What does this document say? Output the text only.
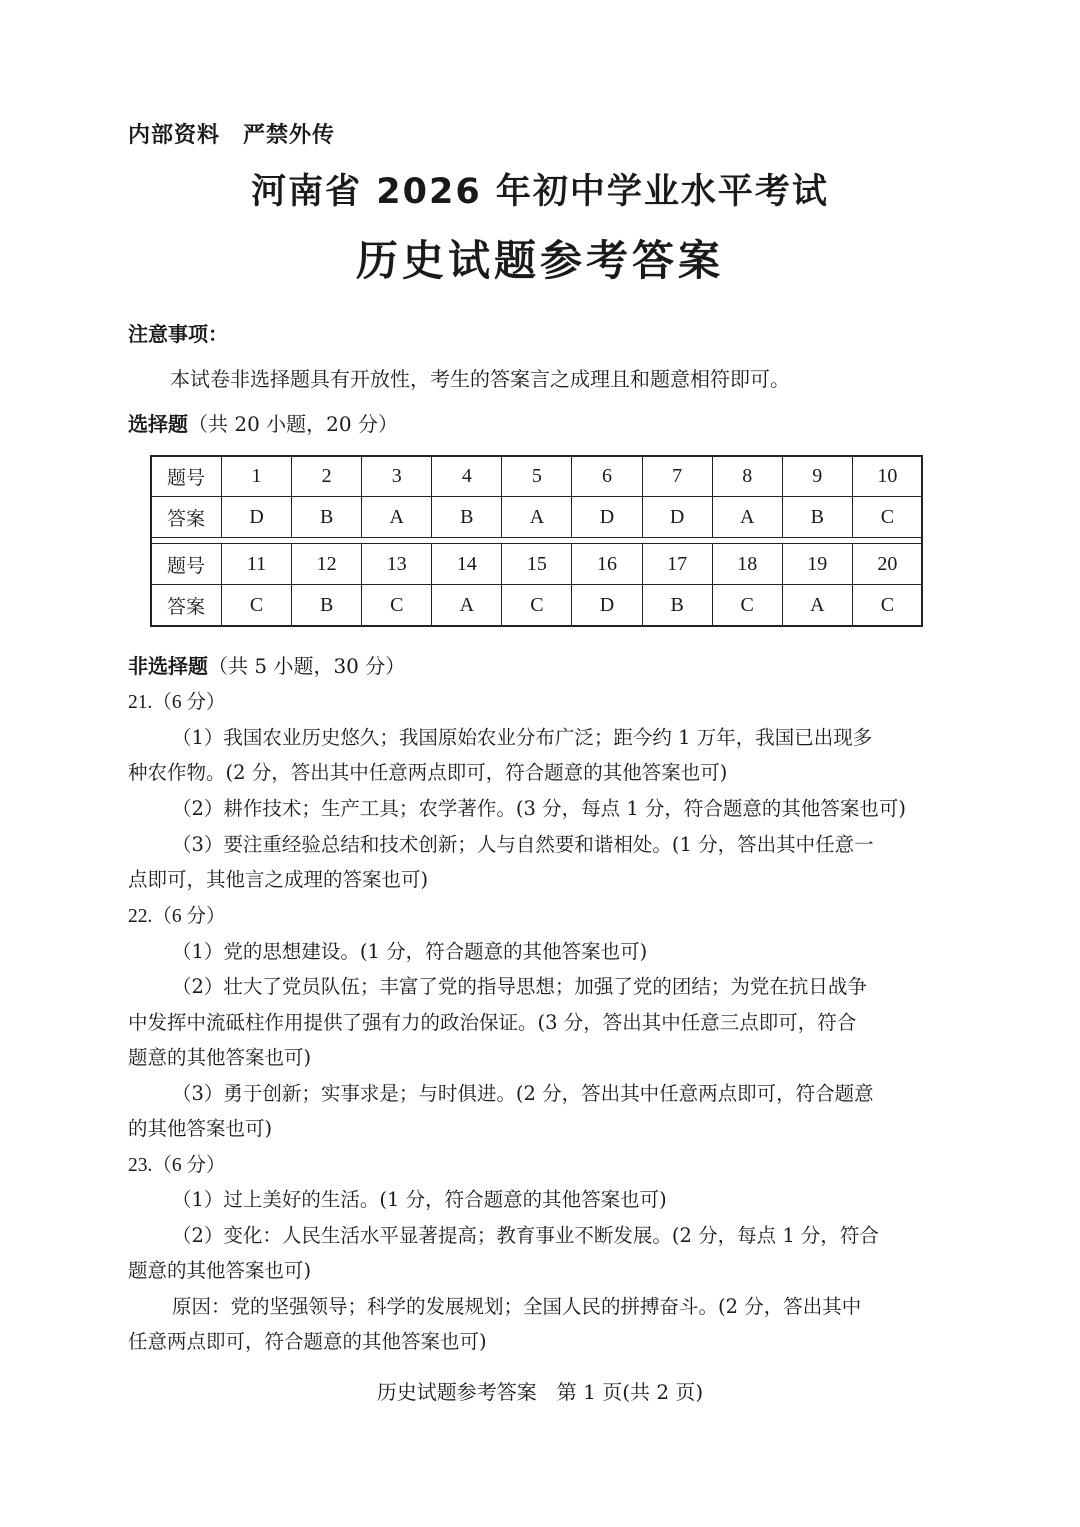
内部资料　严禁外传
河南省 2026 年初中学业水平考试
历史试题参考答案
注意事项：
本试卷非选择题具有开放性，考生的答案言之成理且和题意相符即可。
选择题（共 20 小题，20 分）
题号	1	2	3	4	5	6	7	8	9	10
答案	D	B	A	B	A	D	D	A	B	C
题号	11	12	13	14	15	16	17	18	19	20
答案	C	B	C	A	C	D	B	C	A	C
非选择题（共 5 小题，30 分）
21.（6 分）
（1）我国农业历史悠久；我国原始农业分布广泛；距今约 1 万年，我国已出现多
种农作物。(2 分，答出其中任意两点即可，符合题意的其他答案也可)
（2）耕作技术；生产工具；农学著作。(3 分，每点 1 分，符合题意的其他答案也可)
（3）要注重经验总结和技术创新；人与自然要和谐相处。(1 分，答出其中任意一
点即可，其他言之成理的答案也可)
22.（6 分）
（1）党的思想建设。(1 分，符合题意的其他答案也可)
（2）壮大了党员队伍；丰富了党的指导思想；加强了党的团结；为党在抗日战争
中发挥中流砥柱作用提供了强有力的政治保证。(3 分，答出其中任意三点即可，符合
题意的其他答案也可)
（3）勇于创新；实事求是；与时俱进。(2 分，答出其中任意两点即可，符合题意
的其他答案也可)
23.（6 分）
（1）过上美好的生活。(1 分，符合题意的其他答案也可)
（2）变化：人民生活水平显著提高；教育事业不断发展。(2 分，每点 1 分，符合
题意的其他答案也可)
原因：党的坚强领导；科学的发展规划；全国人民的拼搏奋斗。(2 分，答出其中
任意两点即可，符合题意的其他答案也可)
历史试题参考答案　第 1 页(共 2 页)
